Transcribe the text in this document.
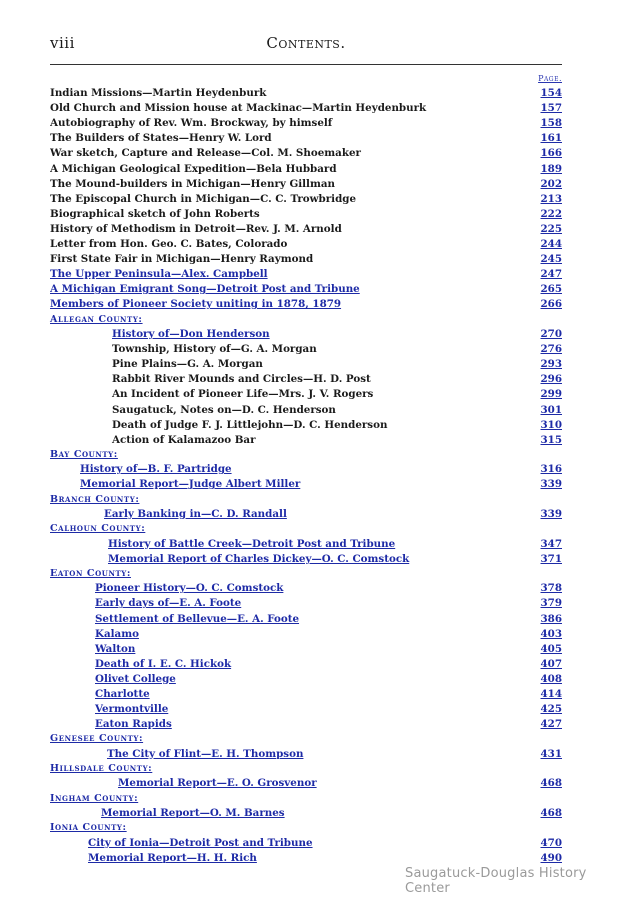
viii	Contents.
Page.
Indian Missions—Martin Heydenburk	154
Old Church and Mission house at Mackinac—Martin Heydenburk	157
Autobiography of Rev. Wm. Brockway, by himself	158
The Builders of States—Henry W. Lord	161
War sketch, Capture and Release—Col. M. Shoemaker	166
A Michigan Geological Expedition—Bela Hubbard	189
The Mound-builders in Michigan—Henry Gillman	202
The Episcopal Church in Michigan—C. C. Trowbridge	213
Biographical sketch of John Roberts	222
History of Methodism in Detroit—Rev. J. M. Arnold	225
Letter from Hon. Geo. C. Bates, Colorado	244
First State Fair in Michigan—Henry Raymond	245
The Upper Peninsula—Alex. Campbell	247
A Michigan Emigrant Song—Detroit Post and Tribune	265
Members of Pioneer Society uniting in 1878, 1879	266
Allegan County:
History of—Don Henderson	270
Township, History of—G. A. Morgan	276
Pine Plains—G. A. Morgan	293
Rabbit River Mounds and Circles—H. D. Post	296
An Incident of Pioneer Life—Mrs. J. V. Rogers	299
Saugatuck, Notes on—D. C. Henderson	301
Death of Judge F. J. Littlejohn—D. C. Henderson	310
Action of Kalamazoo Bar	315
Bay County:
History of—B. F. Partridge	316
Memorial Report—Judge Albert Miller	339
Branch County:
Early Banking in—C. D. Randall	339
Calhoun County:
History of Battle Creek—Detroit Post and Tribune	347
Memorial Report of Charles Dickey—O. C. Comstock	371
Eaton County:
Pioneer History—O. C. Comstock	378
Early days of—E. A. Foote	379
Settlement of Bellevue—E. A. Foote	386
Kalamo	403
Walton	405
Death of I. E. C. Hickok	407
Olivet College	408
Charlotte	414
Vermontville	425
Eaton Rapids	427
Genesee County:
The City of Flint—E. H. Thompson	431
Hillsdale County:
Memorial Report—E. O. Grosvenor	468
Ingham County:
Memorial Report—O. M. Barnes	468
Ionia County:
City of Ionia—Detroit Post and Tribune	470
Memorial Report—H. H. Rich	490
Saugatuck-Douglas History Center
